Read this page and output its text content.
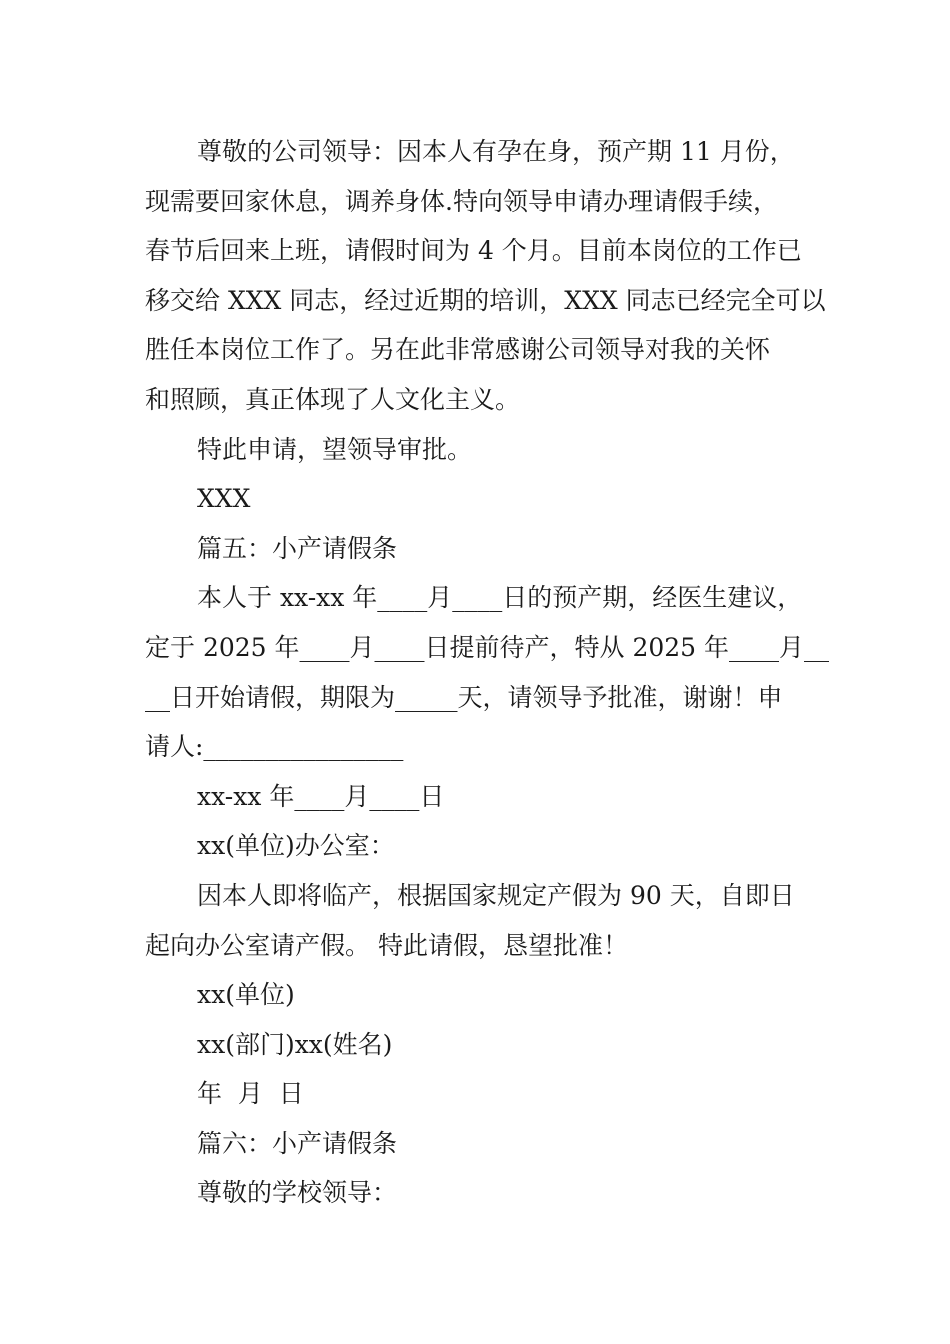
尊敬的公司领导：因本人有孕在身，预产期 11 月份，
现需要回家休息，调养身体.特向领导申请办理请假手续，
春节后回来上班，请假时间为 4 个月。目前本岗位的工作已
移交给 XXX 同志，经过近期的培训，XXX 同志已经完全可以
胜任本岗位工作了。另在此非常感谢公司领导对我的关怀
和照顾，真正体现了人文化主义。
特此申请，望领导审批。
XXX
篇五：小产请假条
本人于 xx-xx 年____月____日的预产期，经医生建议，
定于 2025 年____月____日提前待产，特从 2025 年____月__
__日开始请假，期限为_____天，请领导予批准，谢谢！申
请人:________________
xx-xx 年____月____日
xx(单位)办公室：
因本人即将临产，根据国家规定产假为 90 天，自即日
起向办公室请产假。 特此请假，恳望批准！
xx(单位)
xx(部门)xx(姓名)
年  月  日
篇六：小产请假条
尊敬的学校领导：
